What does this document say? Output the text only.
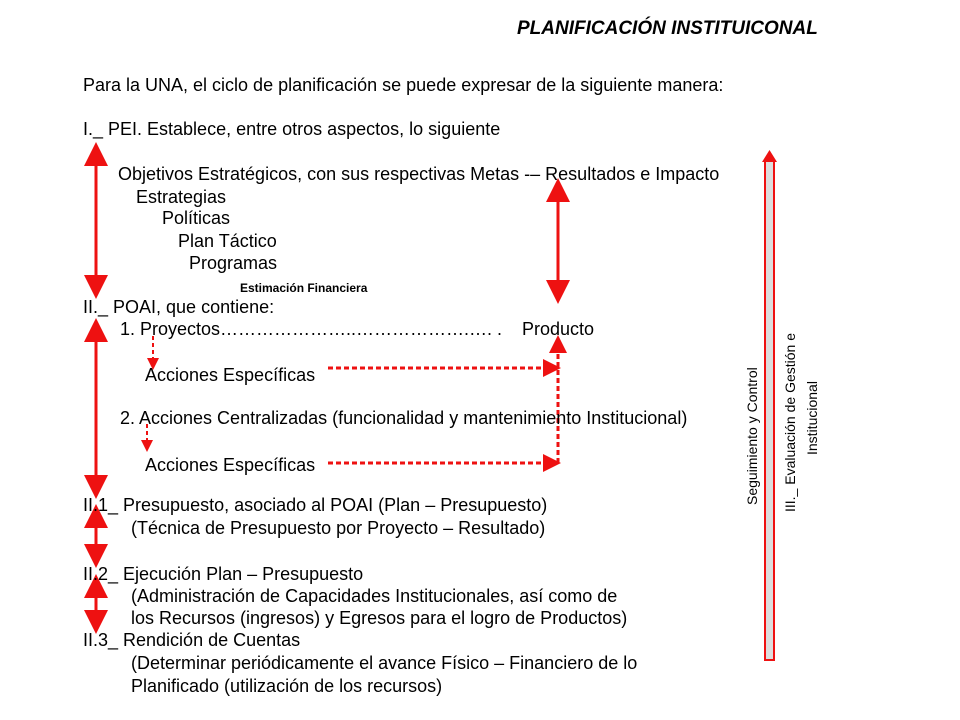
PLANIFICACIÓN INSTITUICONAL
Para la UNA, el ciclo de planificación se puede expresar de la siguiente manera:
I._ PEI. Establece, entre otros aspectos, lo siguiente
Objetivos Estratégicos, con sus respectivas Metas -– Resultados e Impacto
Estrategias
Políticas
Plan Táctico
Programas
Estimación Financiera
II._ POAI, que contiene:
1. Proyectos…………………..……………….…. . Producto
Acciones Específicas
2. Acciones Centralizadas (funcionalidad y mantenimiento Institucional)
Acciones Específicas
II.1_ Presupuesto, asociado al POAI (Plan – Presupuesto)
(Técnica de Presupuesto por Proyecto – Resultado)
II.2_ Ejecución Plan – Presupuesto
(Administración de Capacidades Institucionales, así como de
los Recursos (ingresos) y Egresos para el logro de Productos)
II.3_ Rendición de Cuentas
(Determinar periódicamente el avance Físico – Financiero de lo
Planificado (utilización de los recursos)
Seguimiento y Control III._ Evaluación de Gestión e Institucional
